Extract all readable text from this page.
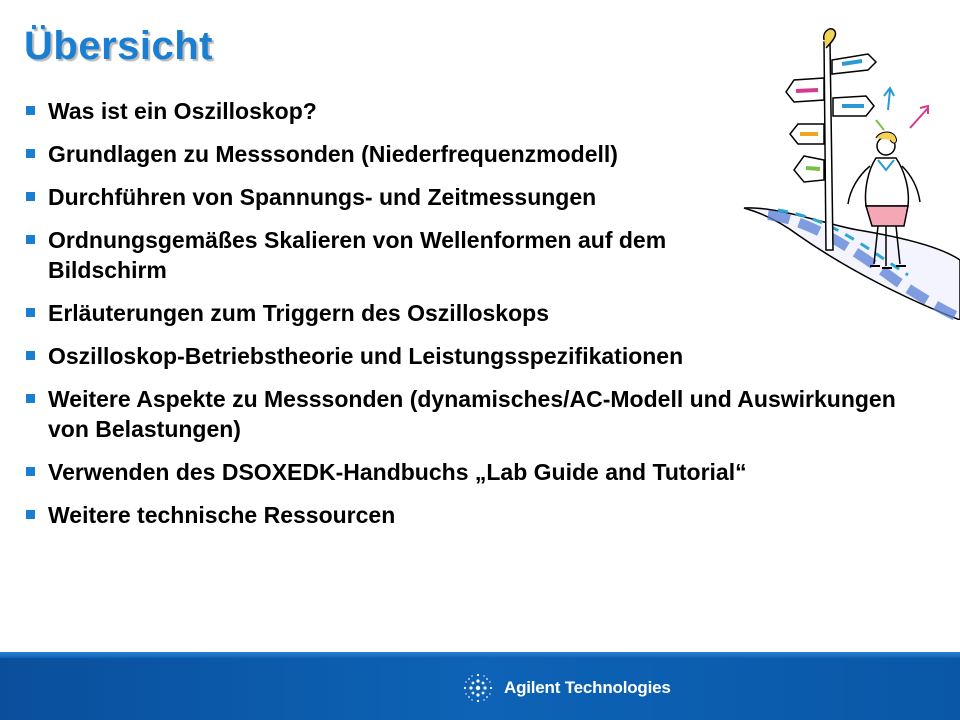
Übersicht
Was ist ein Oszilloskop?
Grundlagen zu Messsonden (Niederfrequenzmodell)
Durchführen von Spannungs- und Zeitmessungen
Ordnungsgemäßes Skalieren von Wellenformen auf dem Bildschirm
Erläuterungen zum Triggern des Oszilloskops
Oszilloskop-Betriebstheorie und Leistungsspezifikationen
Weitere Aspekte zu Messsonden (dynamisches/AC-Modell und Auswirkungen von Belastungen)
Verwenden des DSOXEDK-Handbuchs „Lab Guide and Tutorial“
Weitere technische Ressourcen
Agilent Technologies
